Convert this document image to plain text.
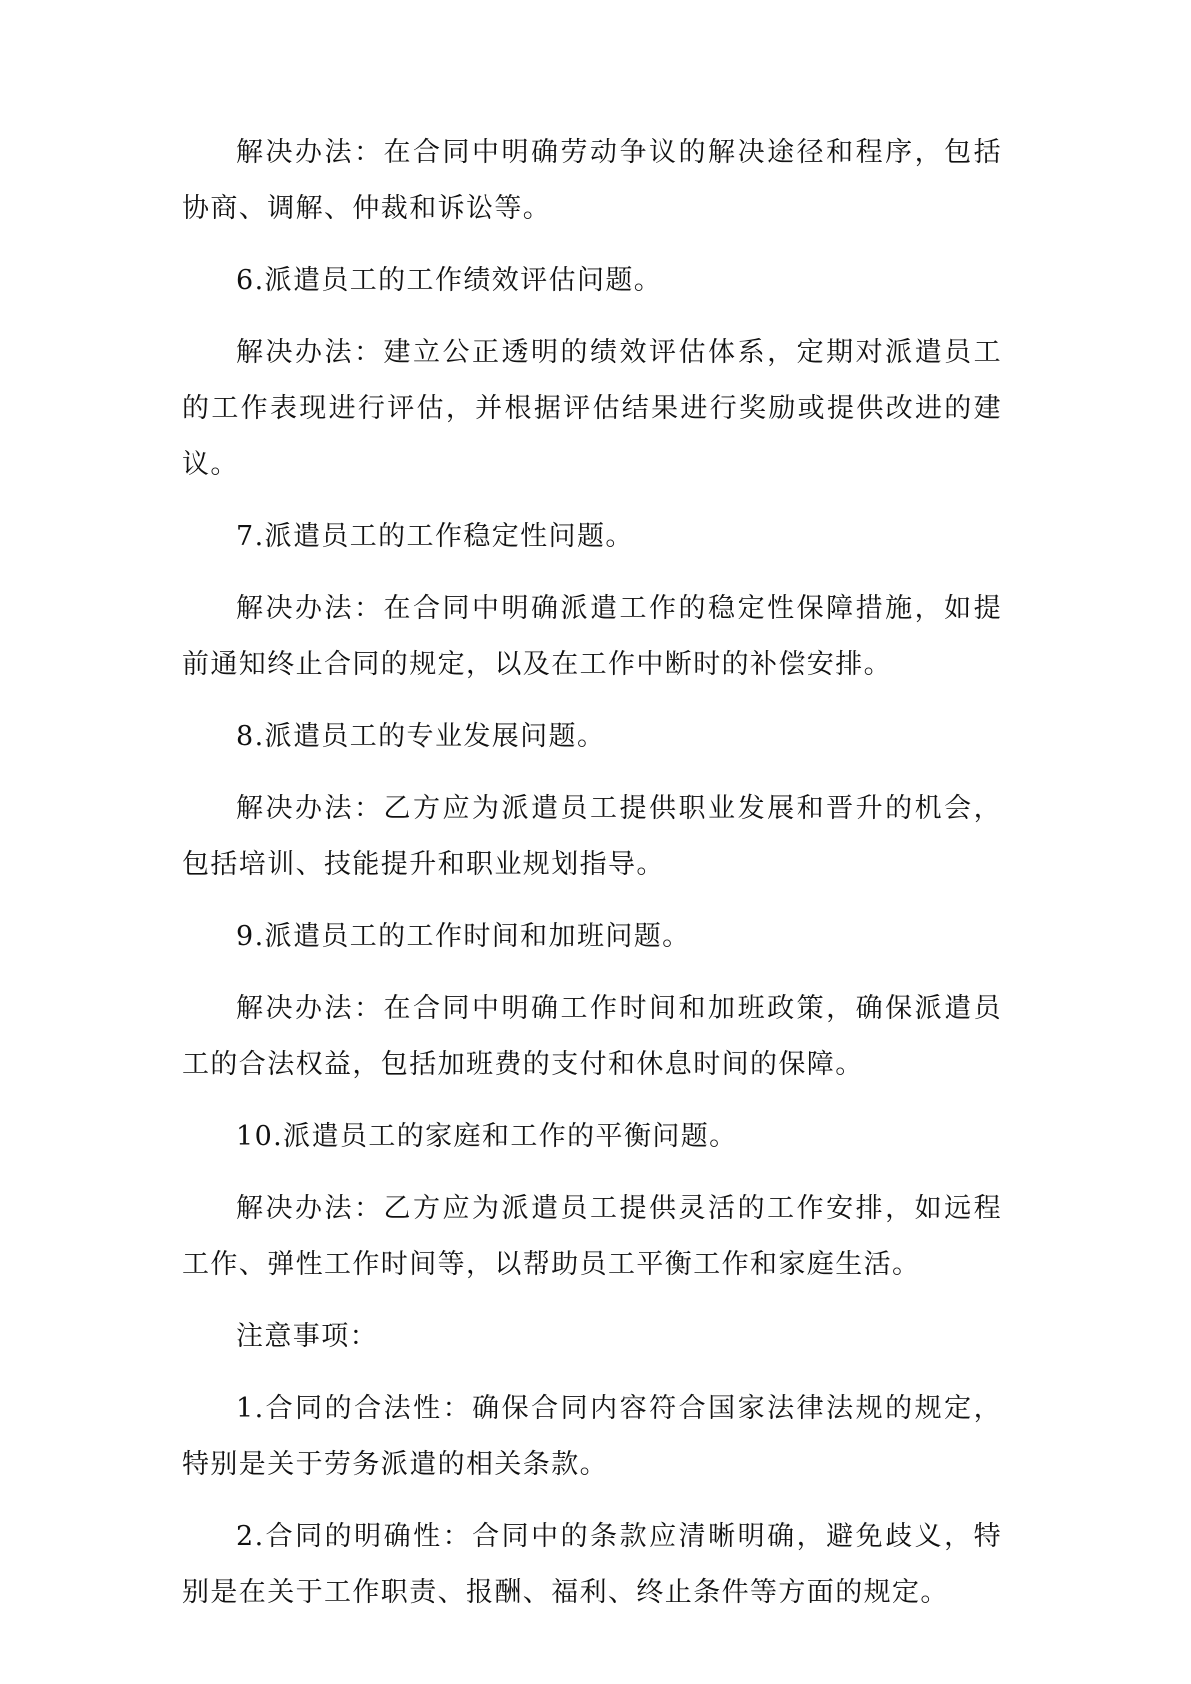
解决办法：在合同中明确劳动争议的解决途径和程序，包括协商、调解、仲裁和诉讼等。

6.派遣员工的工作绩效评估问题。

解决办法：建立公正透明的绩效评估体系，定期对派遣员工的工作表现进行评估，并根据评估结果进行奖励或提供改进的建议。

7.派遣员工的工作稳定性问题。

解决办法：在合同中明确派遣工作的稳定性保障措施，如提前通知终止合同的规定，以及在工作中断时的补偿安排。

8.派遣员工的专业发展问题。

解决办法：乙方应为派遣员工提供职业发展和晋升的机会，包括培训、技能提升和职业规划指导。

9.派遣员工的工作时间和加班问题。

解决办法：在合同中明确工作时间和加班政策，确保派遣员工的合法权益，包括加班费的支付和休息时间的保障。

10.派遣员工的家庭和工作的平衡问题。

解决办法：乙方应为派遣员工提供灵活的工作安排，如远程工作、弹性工作时间等，以帮助员工平衡工作和家庭生活。

注意事项：

1.合同的合法性：确保合同内容符合国家法律法规的规定，特别是关于劳务派遣的相关条款。

2.合同的明确性：合同中的条款应清晰明确，避免歧义，特别是在关于工作职责、报酬、福利、终止条件等方面的规定。
